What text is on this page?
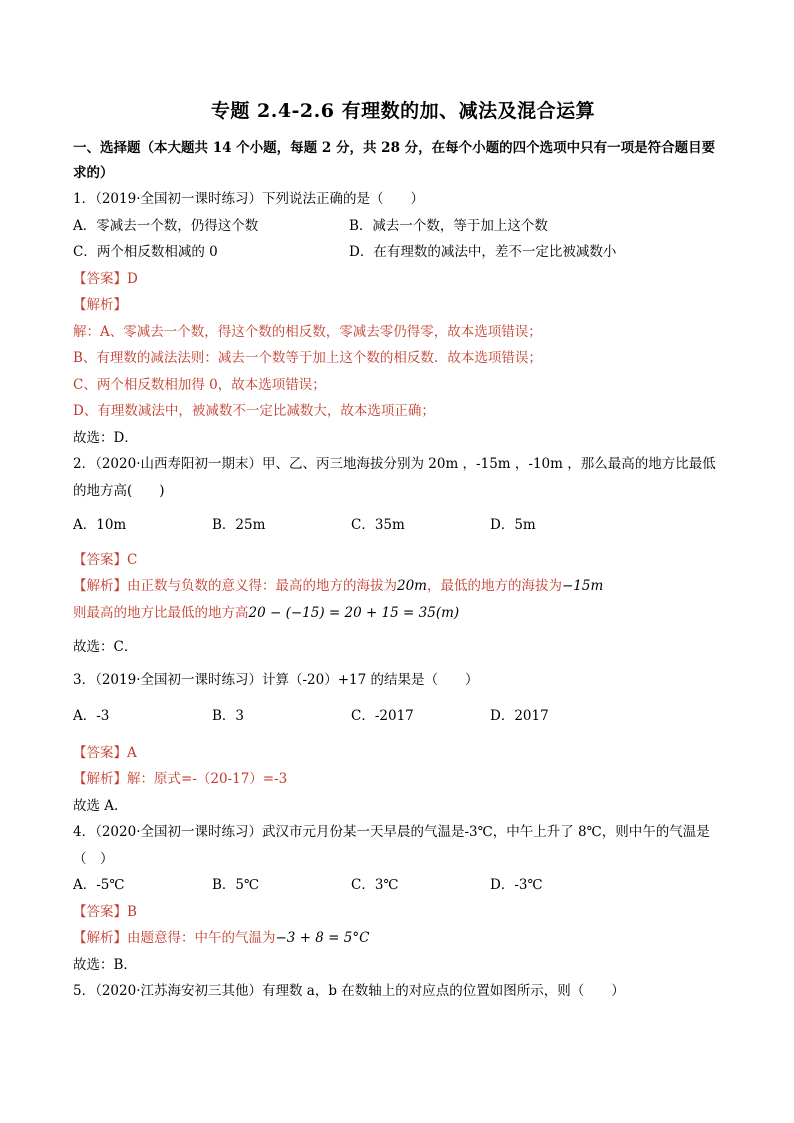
专题 2.4-2.6 有理数的加、减法及混合运算
一、选择题（本大题共 14 个小题，每题 2 分，共 28 分，在每个小题的四个选项中只有一项是符合题目要
求的）
1．（2019·全国初一课时练习）下列说法正确的是（　　）
A．零减去一个数，仍得这个数	B．减去一个数，等于加上这个数
C．两个相反数相减的 0	D．在有理数的减法中，差不一定比被减数小
【答案】D
【解析】
解：A、零减去一个数，得这个数的相反数，零减去零仍得零，故本选项错误；
B、有理数的减法法则：减去一个数等于加上这个数的相反数．故本选项错误；
C、两个相反数相加得 0，故本选项错误；
D、有理数减法中，被减数不一定比减数大，故本选项正确；
故选：D．
2．（2020·山西寿阳初一期末）甲、乙、丙三地海拔分别为 20m ，-15m ，-10m ，那么最高的地方比最低
的地方高(　　)
A．10m	B．25m	C．35m	D．5m
【答案】C
【解析】由正数与负数的意义得：最高的地方的海拔为20m，最低的地方的海拔为−15m
则最高的地方比最低的地方高20 − (−15) = 20 + 15 = 35(m)
故选：C．
3．（2019·全国初一课时练习）计算（-20）+17 的结果是（　　）
A．-3	B．3	C．-2017	D．2017
【答案】A
【解析】解：原式=-（20-17）=-3
故选 A.
4．（2020·全国初一课时练习）武汉市元月份某一天早晨的气温是-3℃，中午上升了 8℃，则中午的气温是
（　）
A．-5℃	B．5℃	C．3℃	D．-3℃
【答案】B
【解析】由题意得：中午的气温为−3 + 8 = 5°C
故选：B．
5．（2020·江苏海安初三其他）有理数 a，b 在数轴上的对应点的位置如图所示，则（　　）
